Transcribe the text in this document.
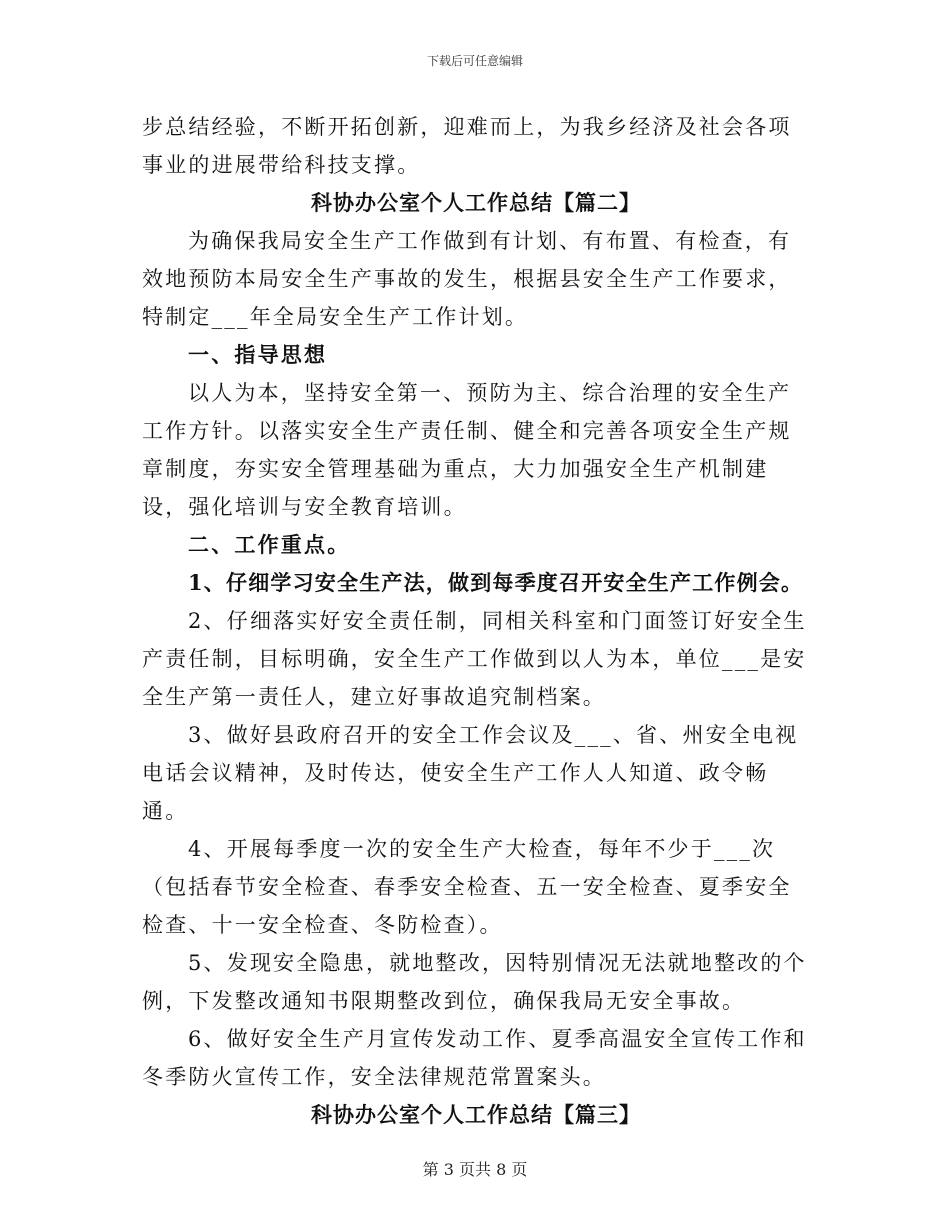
下载后可任意编辑

步总结经验，不断开拓创新，迎难而上，为我乡经济及社会各项事业的进展带给科技支撑。

科协办公室个人工作总结【篇二】

为确保我局安全生产工作做到有计划、有布置、有检查，有效地预防本局安全生产事故的发生，根据县安全生产工作要求，特制定___年全局安全生产工作计划。

一、指导思想

以人为本，坚持安全第一、预防为主、综合治理的安全生产工作方针。以落实安全生产责任制、健全和完善各项安全生产规章制度，夯实安全管理基础为重点，大力加强安全生产机制建设，强化培训与安全教育培训。

二、工作重点。

1、仔细学习安全生产法，做到每季度召开安全生产工作例会。

2、仔细落实好安全责任制，同相关科室和门面签订好安全生产责任制，目标明确，安全生产工作做到以人为本，单位___是安全生产第一责任人，建立好事故追究制档案。

3、做好县政府召开的安全工作会议及___、省、州安全电视电话会议精神，及时传达，使安全生产工作人人知道、政令畅通。

4、开展每季度一次的安全生产大检查，每年不少于___次（包括春节安全检查、春季安全检查、五一安全检查、夏季安全检查、十一安全检查、冬防检查）。

5、发现安全隐患，就地整改，因特别情况无法就地整改的个例，下发整改通知书限期整改到位，确保我局无安全事故。

6、做好安全生产月宣传发动工作、夏季高温安全宣传工作和冬季防火宣传工作，安全法律规范常置案头。

科协办公室个人工作总结【篇三】

第 3 页共 8 页
